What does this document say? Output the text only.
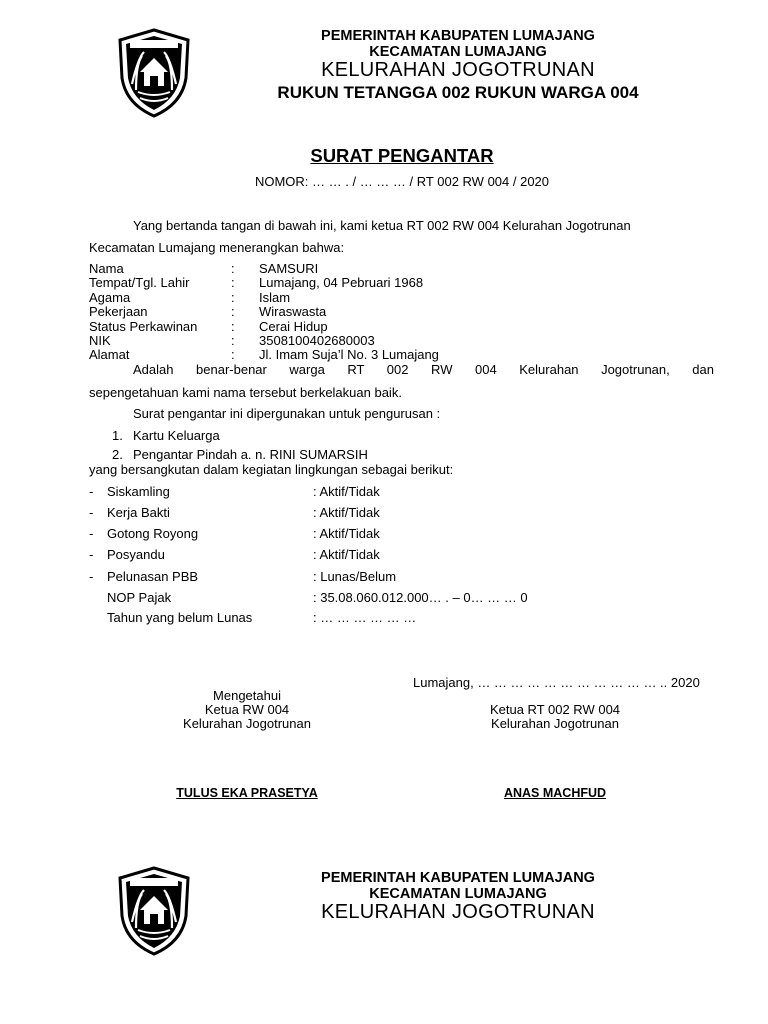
PEMERINTAH KABUPATEN LUMAJANG
KECAMATAN LUMAJANG
KELURAHAN JOGOTRUNAN
RUKUN TETANGGA 002 RUKUN WARGA 004
SURAT PENGANTAR
NOMOR: … … . / … … … / RT 002 RW 004 / 2020
Yang bertanda tangan di bawah ini, kami ketua RT 002 RW 004 Kelurahan Jogotrunan
Kecamatan Lumajang menerangkan bahwa:
Nama	: SAMSURI
Tempat/Tgl. Lahir	: Lumajang, 04 Pebruari 1968
Agama	: Islam
Pekerjaan	: Wiraswasta
Status Perkawinan	: Cerai Hidup
NIK	: 3508100402680003
Alamat	: Jl. Imam Suja’l No. 3 Lumajang
Adalah benar-benar warga RT 002 RW 004 Kelurahan Jogotrunan, dan
sepengetahuan kami nama tersebut berkelakuan baik.
Surat pengantar ini dipergunakan untuk pengurusan :
1. Kartu Keluarga
2. Pengantar Pindah a. n. RINI SUMARSIH
yang bersangkutan dalam kegiatan lingkungan sebagai berikut:
- Siskamling	: Aktif/Tidak
- Kerja Bakti	: Aktif/Tidak
- Gotong Royong	: Aktif/Tidak
- Posyandu	: Aktif/Tidak
- Pelunasan PBB	: Lunas/Belum
NOP Pajak	: 35.08.060.012.000… . – 0… … … 0
Tahun yang belum Lunas	: … … … … … …
Lumajang, … … … … … … … … … … … .. 2020
Mengetahui
Ketua RW 004
Kelurahan Jogotrunan
Ketua RT 002 RW 004
Kelurahan Jogotrunan
TULUS EKA PRASETYA	ANAS MACHFUD
PEMERINTAH KABUPATEN LUMAJANG
KECAMATAN LUMAJANG
KELURAHAN JOGOTRUNAN
